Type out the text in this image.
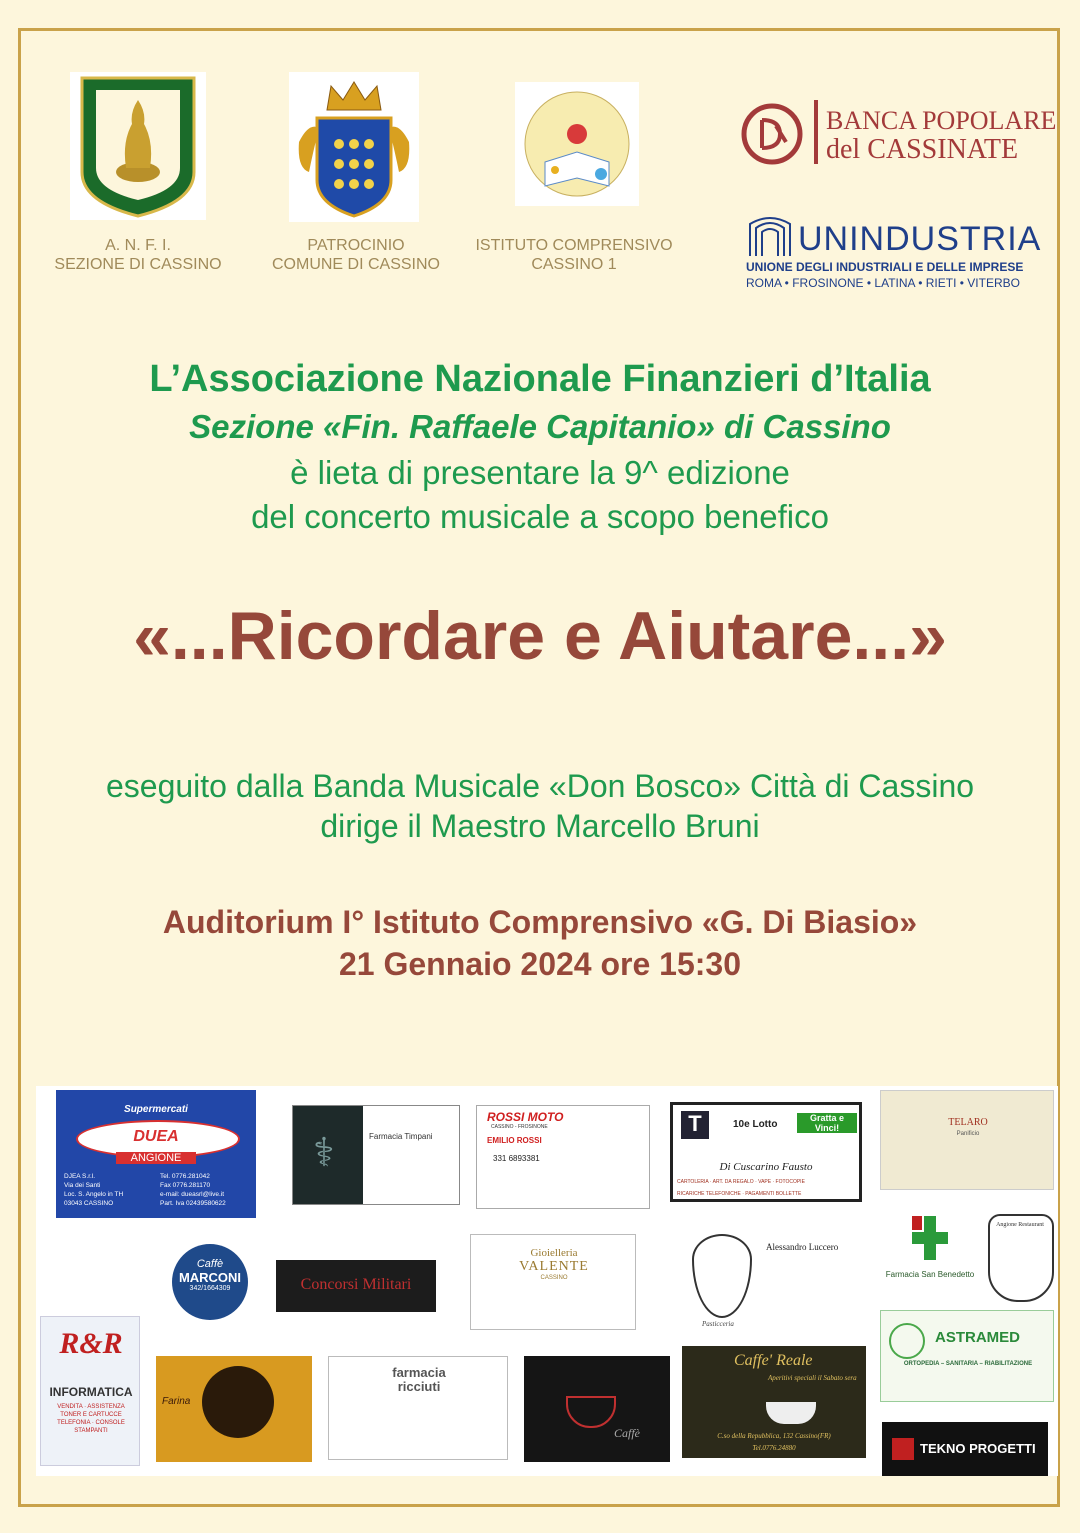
A. N. F. I.
SEZIONE DI CASSINO
PATROCINIO
COMUNE DI CASSINO
ISTITUTO COMPRENSIVO
CASSINO 1
BANCA POPOLARE
del CASSINATE
UNINDUSTRIA
UNIONE DEGLI INDUSTRIALI E DELLE IMPRESE
ROMA • FROSINONE • LATINA • RIETI • VITERBO
L’Associazione Nazionale Finanzieri d’Italia
Sezione «Fin. Raffaele Capitanio» di Cassino
è lieta di presentare la 9^ edizione
del concerto musicale a scopo benefico
«...Ricordare e Aiutare...»
eseguito dalla Banda Musicale «Don Bosco» Città di Cassino
dirige il Maestro Marcello Bruni
Auditorium I° Istituto Comprensivo «G. Di Biasio»
21 Gennaio 2024 ore 15:30
Supermercati
DUEA
ANGIONE
DJEA S.r.l.
Via dei Santi
Loc. S. Angelo in TH
03043 CASSINO
Tel. 0776.281042
Fax 0776.281170
e-mail: dueasrl@live.it
Part. Iva 02439580622
⚕	Farmacia Timpani
ROSSI MOTO
CASSINO - FROSINONE
EMILIO ROSSI
331 6893381
T	10e Lotto
Gratta e Vinci!
Di Cuscarino Fausto
CARTOLERIA · ART. DA REGALO · VAPE · FOTOCOPIE
RICARICHE TELEFONICHE · PAGAMENTI BOLLETTE
TELARO
Panificio
Caffè
MARCONI
342/1664309	Concorsi Militari
Gioielleria
VALENTE
CASSINO
Alessandro Luccero
Pasticceria
Farmacia San Benedetto
Angione Restaurant
ASTRAMED
ORTOPEDIA – SANITARIA – RIABILITAZIONE
R&R
INFORMATICA
VENDITA · ASSISTENZA TONER E CARTUCCE TELEFONIA · CONSOLE STAMPANTI
Farina
farmacia
ricciuti
Caffè
Caffe' Reale
Aperitivi speciali il Sabato sera
C.so della Repubblica, 132 Cassino(FR)
Tel.0776.24880	TEKNO PROGETTI
